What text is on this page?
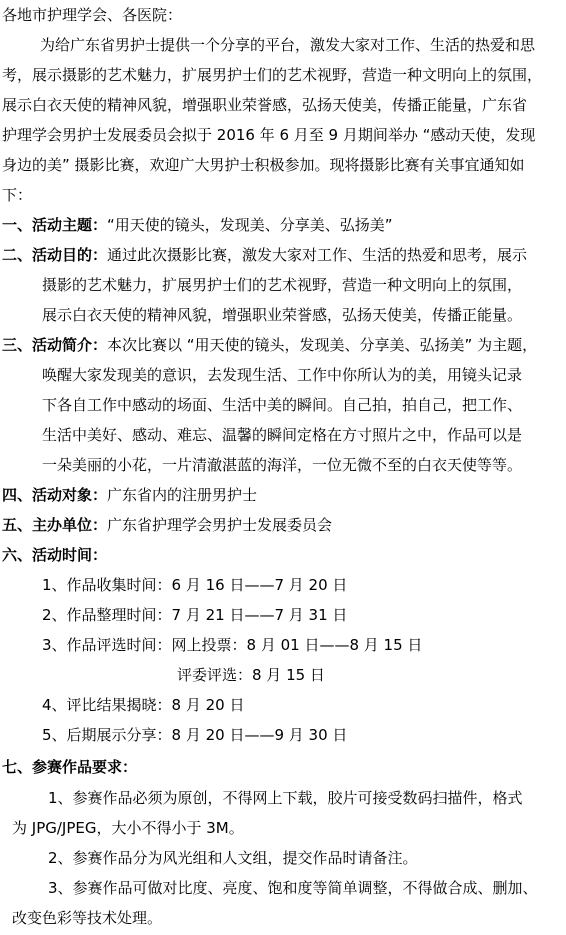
各地市护理学会、各医院：
为给广东省男护士提供一个分享的平台，激发大家对工作、生活的热爱和思
考，展示摄影的艺术魅力，扩展男护士们的艺术视野，营造一种文明向上的氛围，
展示白衣天使的精神风貌，增强职业荣誉感，弘扬天使美，传播正能量，广东省
护理学会男护士发展委员会拟于 2016 年 6 月至 9 月期间举办 “感动天使，发现
身边的美” 摄影比赛，欢迎广大男护士积极参加。现将摄影比赛有关事宜通知如
下：
一、活动主题：“用天使的镜头，发现美、分享美、弘扬美”
二、活动目的：通过此次摄影比赛，激发大家对工作、生活的热爱和思考，展示
摄影的艺术魅力，扩展男护士们的艺术视野，营造一种文明向上的氛围，
展示白衣天使的精神风貌，增强职业荣誉感，弘扬天使美，传播正能量。
三、活动简介：本次比赛以 “用天使的镜头，发现美、分享美、弘扬美” 为主题，
唤醒大家发现美的意识，去发现生活、工作中你所认为的美，用镜头记录
下各自工作中感动的场面、生活中美的瞬间。自己拍，拍自己，把工作、
生活中美好、感动、难忘、温馨的瞬间定格在方寸照片之中，作品可以是
一朵美丽的小花，一片清澈湛蓝的海洋，一位无微不至的白衣天使等等。
四、活动对象：广东省内的注册男护士
五、主办单位：广东省护理学会男护士发展委员会
六、活动时间：
1、作品收集时间：6 月 16 日——7 月 20 日
2、作品整理时间：7 月 21 日——7 月 31 日
3、作品评选时间：网上投票：8 月 01 日——8 月 15 日
评委评选：8 月 15 日
4、评比结果揭晓：8 月 20 日
5、后期展示分享：8 月 20 日——9 月 30 日
七、参赛作品要求：
1、参赛作品必须为原创，不得网上下载，胶片可接受数码扫描件，格式
为 JPG/JPEG，大小不得小于 3M。
2、参赛作品分为风光组和人文组，提交作品时请备注。
3、参赛作品可做对比度、亮度、饱和度等简单调整，不得做合成、删加、
改变色彩等技术处理。
